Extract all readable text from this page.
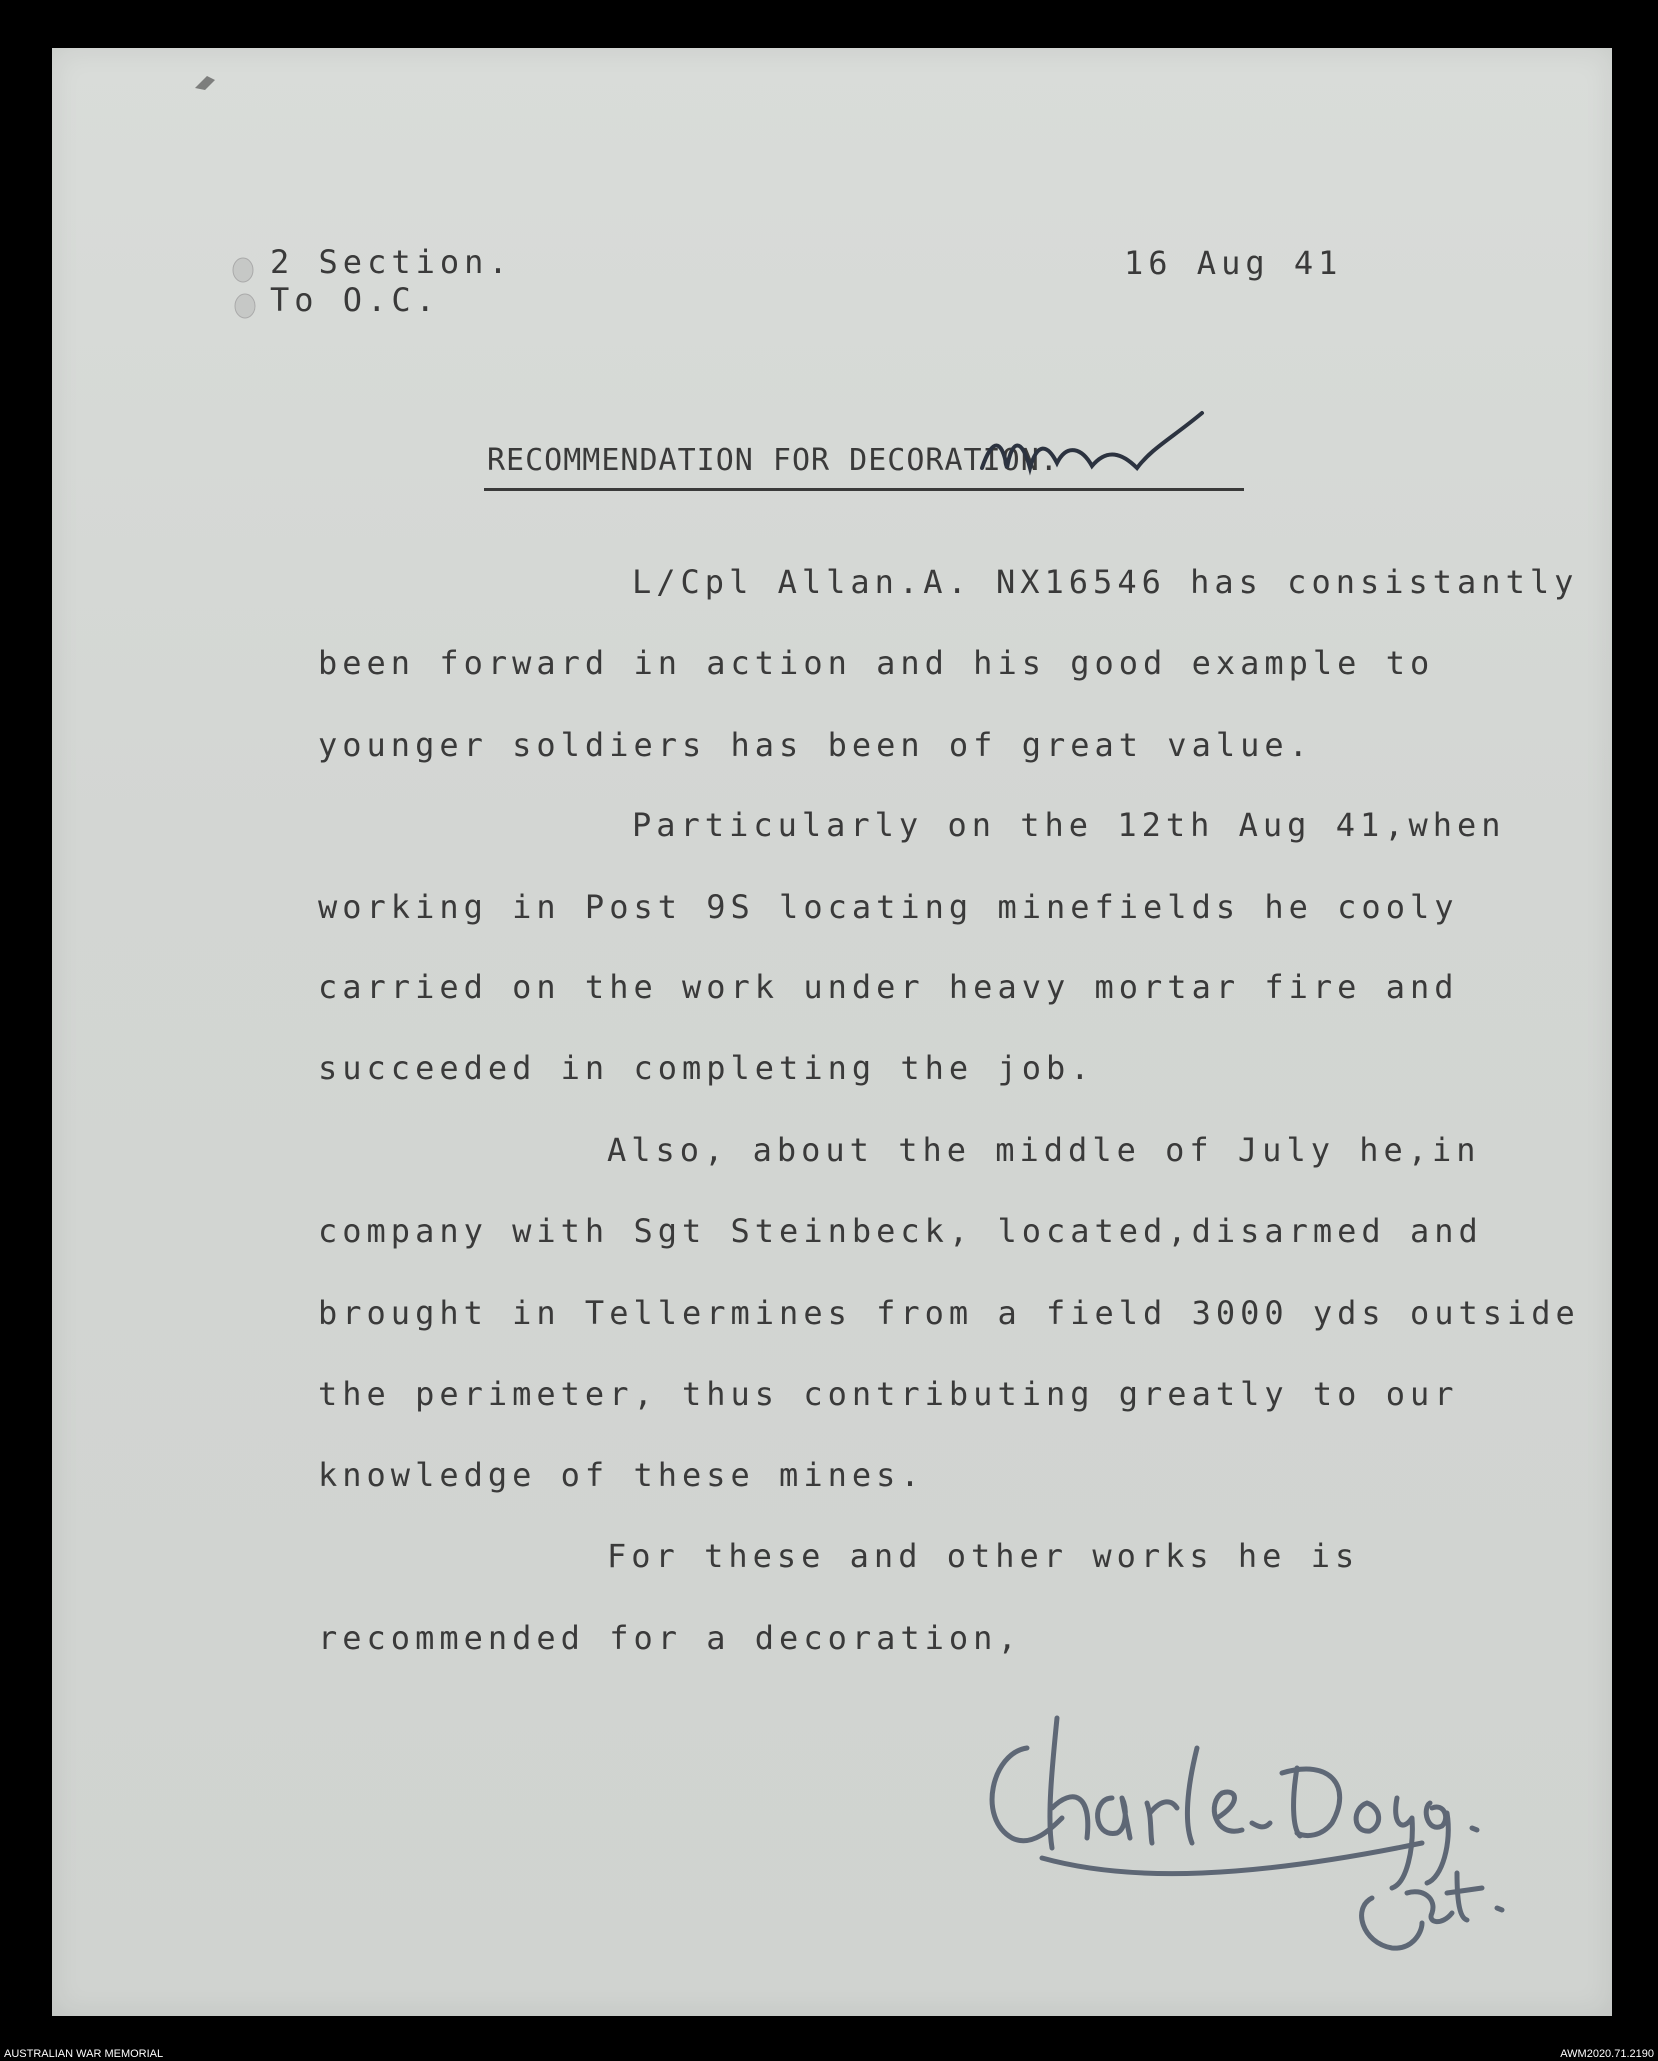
2 Section.
To O.C.
16 Aug 41
RECOMMENDATION FOR DECORATION.
L/Cpl Allan.A. NX16546 has consistantly
been forward in action and his good example to
younger soldiers has been of great value.
Particularly on the 12th Aug 41,when
working in Post 9S locating minefields he cooly
carried on the work under heavy mortar fire and
succeeded in completing the job.
Also, about the middle of July he,in
company with Sgt Steinbeck, located,disarmed and
brought in Tellermines from a field 3000 yds outside
the perimeter, thus contributing greatly to our
knowledge of these mines.
For these and other works he is
recommended for a decoration,
AUSTRALIAN WAR MEMORIAL	AWM2020.71.2190
